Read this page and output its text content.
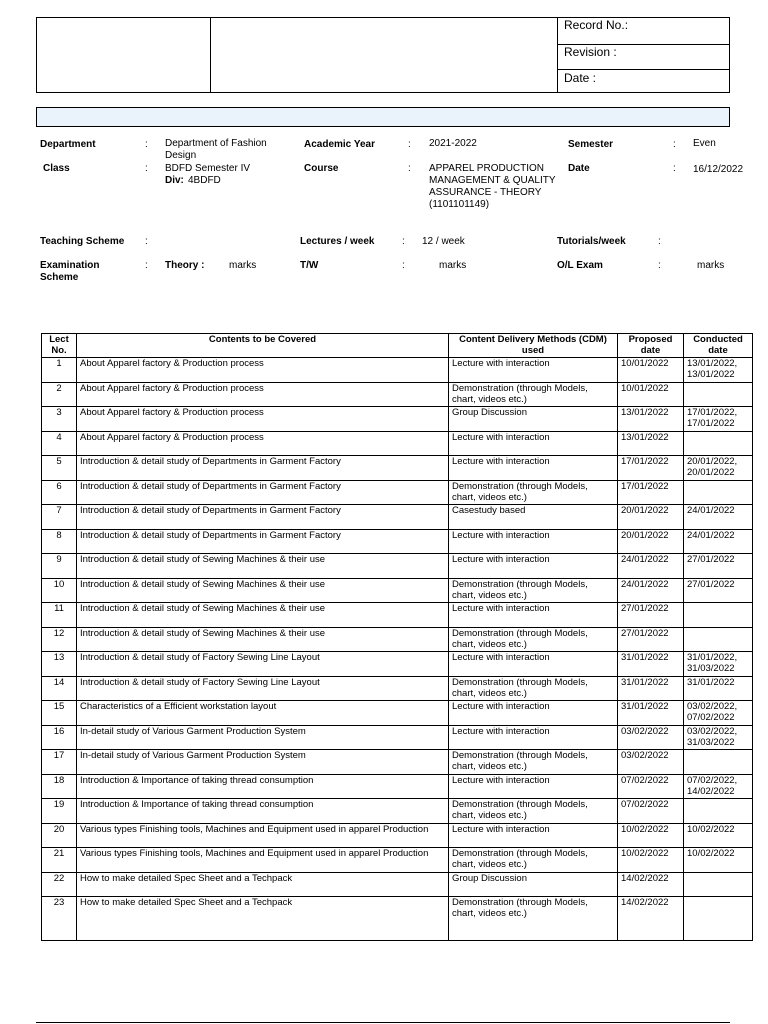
Record No.:
Revision :
Date :
Department	: Department of Fashion Design
Academic Year	: 2021-2022	Semester	: Even
Class	: BDFD Semester IV
Div: 4BDFD
Course	: APPAREL PRODUCTION MANAGEMENT & QUALITY ASSURANCE - THEORY (1101101149)
Date	: 16/12/2022
Teaching Scheme :	Lectures / week	: 12 / week	Tutorials/week	:
Examination Scheme
: Theory : marks	T/W	:	marks	O/L Exam	:	marks
Lect No.	Contents to be Covered	Content Delivery Methods (CDM) used	Proposed date	Conducted date
1	About Apparel factory & Production process	Lecture with interaction	10/01/2022	13/01/2022, 13/01/2022
2	About Apparel factory & Production process	Demonstration (through Models, chart, videos etc.)	10/01/2022	
3	About Apparel factory & Production process	Group Discussion	13/01/2022	17/01/2022, 17/01/2022
4	About Apparel factory & Production process	Lecture with interaction	13/01/2022	
5	Introduction & detail study of Departments in Garment Factory	Lecture with interaction	17/01/2022	20/01/2022, 20/01/2022
6	Introduction & detail study of Departments in Garment Factory	Demonstration (through Models, chart, videos etc.)	17/01/2022	
7	Introduction & detail study of Departments in Garment Factory	Casestudy based	20/01/2022	24/01/2022
8	Introduction & detail study of Departments in Garment Factory	Lecture with interaction	20/01/2022	24/01/2022
9	Introduction & detail study of Sewing Machines & their use	Lecture with interaction	24/01/2022	27/01/2022
10	Introduction & detail study of Sewing Machines & their use	Demonstration (through Models, chart, videos etc.)	24/01/2022	27/01/2022
11	Introduction & detail study of Sewing Machines & their use	Lecture with interaction	27/01/2022	
12	Introduction & detail study of Sewing Machines & their use	Demonstration (through Models, chart, videos etc.)	27/01/2022	
13	Introduction & detail study of Factory Sewing Line Layout	Lecture with interaction	31/01/2022	31/01/2022, 31/03/2022
14	Introduction & detail study of Factory Sewing Line Layout	Demonstration (through Models, chart, videos etc.)	31/01/2022	31/01/2022
15	Characteristics of a Efficient workstation layout	Lecture with interaction	31/01/2022	03/02/2022, 07/02/2022
16	In-detail study of Various Garment Production System	Lecture with interaction	03/02/2022	03/02/2022, 31/03/2022
17	In-detail study of Various Garment Production System	Demonstration (through Models, chart, videos etc.)	03/02/2022	
18	Introduction & Importance of taking thread consumption	Lecture with interaction	07/02/2022	07/02/2022, 14/02/2022
19	Introduction & Importance of taking thread consumption	Demonstration (through Models, chart, videos etc.)	07/02/2022	
20	Various types Finishing tools, Machines and Equipment used in apparel Production	Lecture with interaction	10/02/2022	10/02/2022
21	Various types Finishing tools, Machines and Equipment used in apparel Production	Demonstration (through Models, chart, videos etc.)	10/02/2022	10/02/2022
22	How to make detailed Spec Sheet and a Techpack	Group Discussion	14/02/2022	
23	How to make detailed Spec Sheet and a Techpack	Demonstration (through Models, chart, videos etc.)	14/02/2022	
